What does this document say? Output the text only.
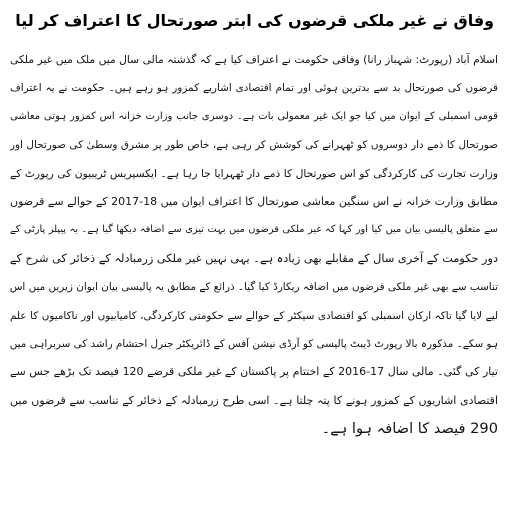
وفاق نے غیر ملکی قرضوں کی ابتر صورتحال کا اعتراف کر لیا
اسلام آباد (رپورٹ: شہباز رانا) وفاقی حکومت نے اعتراف کیا ہے کہ گذشتہ مالی سال میں ملک میں غیر ملکی
قرضوں کی صورتحال بد سے بدترین ہوئی اور تمام اقتصادی اشاریے کمزور ہو رہے ہیں۔ حکومت نے یہ اعتراف
قومی اسمبلی کے ایوان میں کیا جو ایک غیر معمولی بات ہے۔ دوسری جانب وزارت خزانہ اس کمزور ہوتی معاشی
صورتحال کا ذمے دار دوسروں کو ٹھہرانے کی کوشش کر رہی ہے، خاص طور پر مشرق وسطیٰ کی صورتحال اور
وزارت تجارت کی کارکردگی کو اس صورتحال کا ذمے دار ٹھہرایا جا رہا ہے۔ ایکسپریس ٹریبیون کی رپورٹ کے
مطابق وزارت خزانہ نے اس سنگین معاشی صورتحال کا اعتراف ایوان میں 18-2017 کے حوالے سے قرضوں
سے متعلق پالیسی بیان میں کیا اور کہا کہ غیر ملکی قرضوں میں بہت تیزی سے اضافہ دیکھا گیا ہے۔ یہ پیپلز پارٹی کے
دور حکومت کے آخری سال کے مقابلے بھی زیادہ ہے۔ یہی نہیں غیر ملکی زرمبادلہ کے ذخائر کی شرح کے
تناسب سے بھی غیر ملکی قرضوں میں اضافہ ریکارڈ کیا گیا۔ ذرائع کے مطابق یہ پالیسی بیان ایوان زیریں میں اس
لیے لایا گیا تاکہ ارکان اسمبلی کو اقتصادی سیکٹر کے حوالے سے حکومتی کارکردگی، کامیابیوں اور ناکامیوں کا علم
ہو سکے۔ مذکورہ بالا رپورٹ ڈیبٹ پالیسی کو آرڈی نیشن آفس کے ڈائریکٹر جنرل احتشام راشد کی سربراہی میں
تیار کی گئی۔ مالی سال 17-2016 کے اختتام پر پاکستان کے غیر ملکی قرضے 120 فیصد تک بڑھے جس سے
اقتصادی اشاریوں کے کمزور ہونے کا پتہ چلتا ہے۔ اسی طرح زرمبادلہ کے ذخائر کے تناسب سے قرضوں میں
290 فیصد کا اضافہ ہوا ہے۔
